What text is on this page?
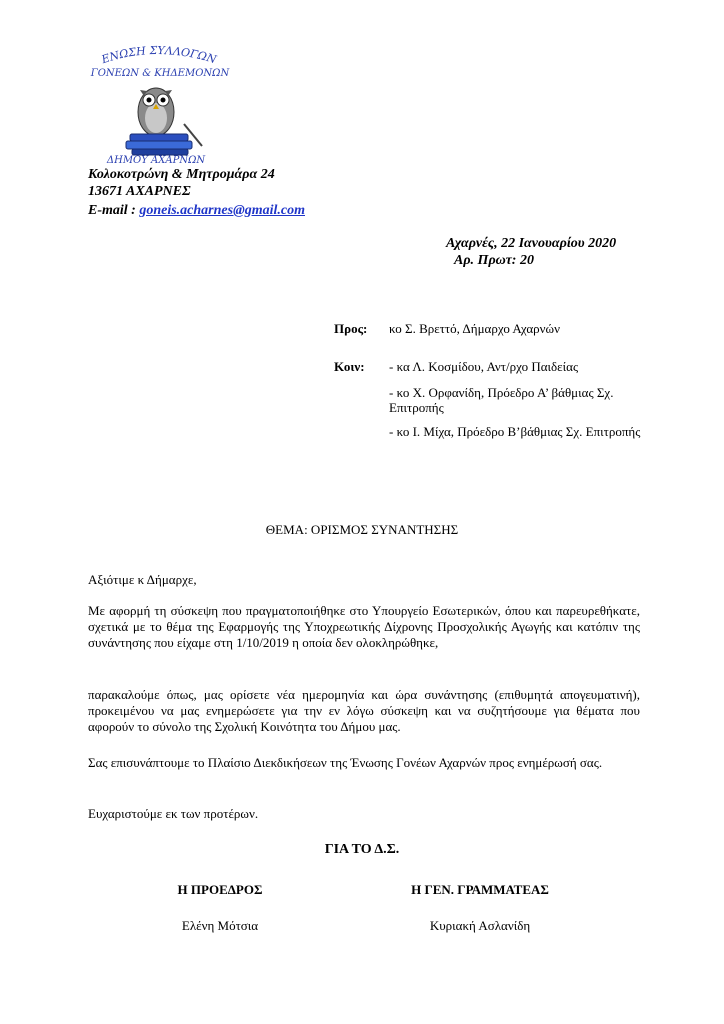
ΕΝΩΣΗ ΣΥΛΛΟΓΩΝ
ΓΟΝΕΩΝ & ΚΗΔΕΜΟΝΩΝ
ΔΗΜΟΥ ΑΧΑΡΝΩΝ
Κολοκοτρώνη & Μητρομάρα 24
13671 ΑΧΑΡΝΕΣ
E-mail : goneis.acharnes@gmail.com
Αχαρνές, 22 Ιανουαρίου 2020
Αρ. Πρωτ: 20
Προς: κο Σ. Βρεττό, Δήμαρχο Αχαρνών
Κοιν: - κα Λ. Κοσμίδου, Αντ/ρχο Παιδείας
- κο Χ. Ορφανίδη, Πρόεδρο Α’ βάθμιας Σχ. Επιτροπής
- κο Ι. Μίχα, Πρόεδρο Β’βάθμιας Σχ. Επιτροπής
ΘΕΜΑ: ΟΡΙΣΜΟΣ ΣΥΝΑΝΤΗΣΗΣ
Αξιότιμε κ Δήμαρχε,
Με αφορμή τη σύσκεψη που πραγματοποιήθηκε στο Υπουργείο Εσωτερικών, όπου και παρευρεθήκατε, σχετικά με το θέμα της Εφαρμογής της Υποχρεωτικής Δίχρονης Προσχολικής Αγωγής και κατόπιν της συνάντησης που είχαμε στη 1/10/2019 η οποία δεν ολοκληρώθηκε,
παρακαλούμε όπως, μας ορίσετε νέα ημερομηνία και ώρα συνάντησης (επιθυμητά απογευματινή), προκειμένου να μας ενημερώσετε για την εν λόγω σύσκεψη και να συζητήσουμε για θέματα που αφορούν το σύνολο της Σχολική Κοινότητα του Δήμου μας.
Σας επισυνάπτουμε το Πλαίσιο Διεκδικήσεων της Ένωσης Γονέων Αχαρνών προς ενημέρωσή σας.
Ευχαριστούμε εκ των προτέρων.
ΓΙΑ ΤΟ Δ.Σ.
Η ΠΡΟΕΔΡΟΣ	Η ΓΕΝ. ΓΡΑΜΜΑΤΕΑΣ
Ελένη Μότσια	Κυριακή Ασλανίδη
